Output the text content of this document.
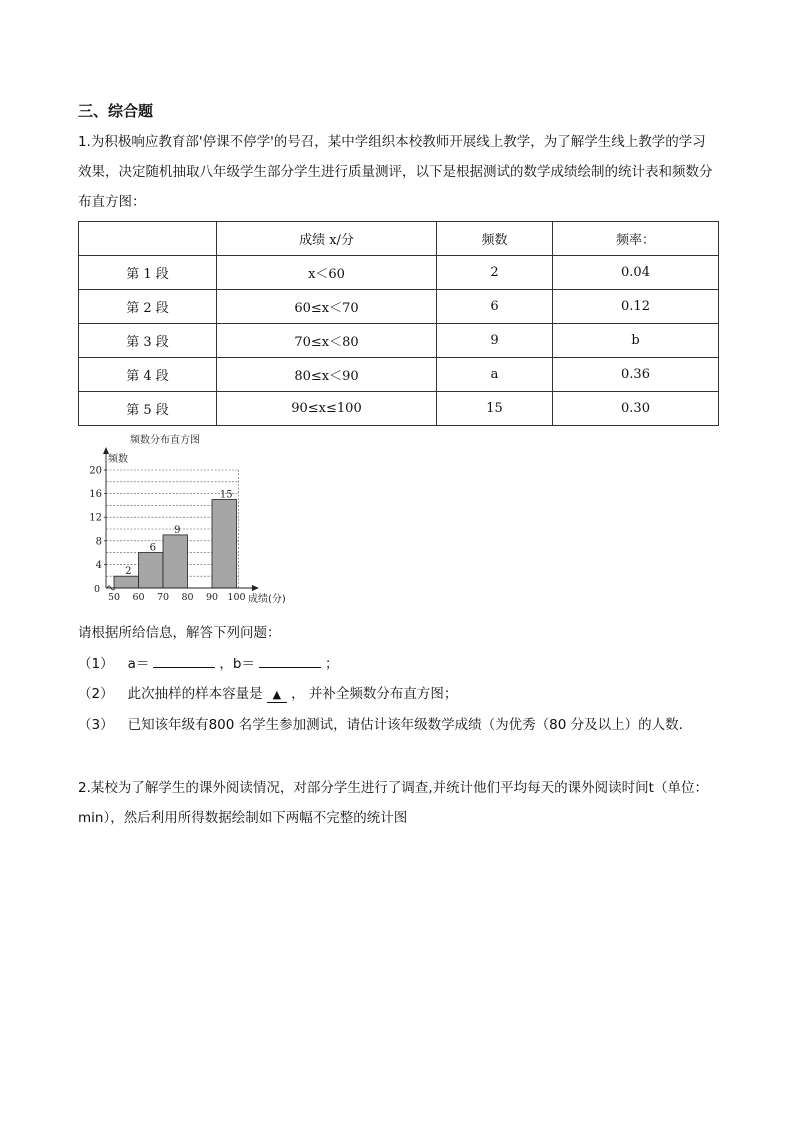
三、综合题

1.为积极响应教育部'停课不停学'的号召，某中学组织本校教师开展线上教学，为了解学生线上教学的学习效果，决定随机抽取八年级学生部分学生进行质量测评，以下是根据测试的数学成绩绘制的统计表和频数分布直方图：

	成绩 x/分	频数	频率：
第 1 段	x＜60	2	0.04
第 2 段	60≤x＜70	6	0.12
第 3 段	70≤x＜80	9	b
第 4 段	80≤x＜90	a	0.36
第 5 段	90≤x≤100	15	0.30
频数分布直方图
频数
成绩(分)
2
6
9
15
4
8
12
16
20
0
50 60 70 80 90 100

请根据所给信息，解答下列问题：

（1） a＝	，b＝	；

（2） 此次抽样的样本容量是 ▲ ， 并补全频数分布直方图；

（3） 已知该年级有800 名学生参加测试，请估计该年级数学成绩（为优秀（80 分及以上）的人数．

2.某校为了解学生的课外阅读情况，对部分学生进行了调查,并统计他们平均每天的课外阅读时间t（单位：min），然后利用所得数据绘制如下两幅不完整的统计图
